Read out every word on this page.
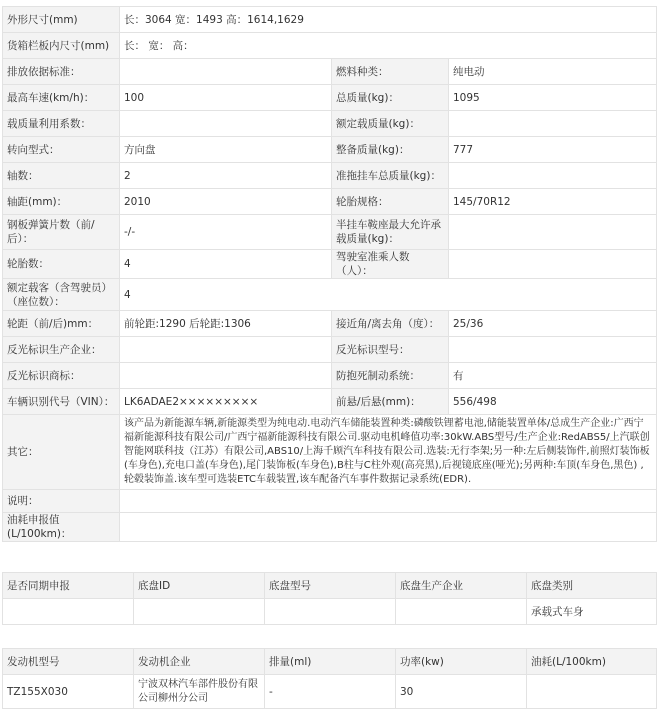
外形尺寸(mm)	长：3064 宽：1493 高：1614,1629		
货箱栏板内尺寸(mm)	长： 宽： 高：		
排放依据标准：		燃料种类：	纯电动
最高车速(km/h)：	100	总质量(kg)：	1095
载质量利用系数：		额定载质量(kg)：	
转向型式：	方向盘	整备质量(kg)：	777
轴数：	2	准拖挂车总质量(kg)：	
轴距(mm)：	2010	轮胎规格：	145/70R12
钢板弹簧片数（前/后）：	-/-	半挂车鞍座最大允许承载质量(kg)：	
轮胎数：	4	驾驶室准乘人数（人）：	
额定载客（含驾驶员）（座位数）：	4		
轮距（前/后)mm：	前轮距:1290 后轮距:1306	接近角/离去角（度）：	25/36
反光标识生产企业：		反光标识型号：	
反光标识商标：		防抱死制动系统：	有
车辆识别代号（VIN）：	LK6ADAE2×××××××××	前悬/后悬(mm)：	556/498
其它：	该产品为新能源车辆,新能源类型为纯电动.电动汽车储能装置种类:磷酸铁锂蓄电池,储能装置单体/总成生产企业:广西宁福新能源科技有限公司/广西宁福新能源科技有限公司.驱动电机峰值功率:30kW.ABS型号/生产企业:RedABS5/上汽联创智能网联科技（江苏）有限公司,ABS10/上海千顾汽车科技有限公司.选装:无行李架;另一种:左后侧装饰件,前照灯装饰板(车身色),充电口盖(车身色),尾门装饰板(车身色),B柱与C柱外观(高亮黑),后视镜底座(哑光);另两种:车顶(车身色,黑色) ,轮毂装饰盖.该车型可选装ETC车载装置,该车配备汽车事件数据记录系统(EDR).		
说明：			
油耗申报值(L/100km)：			
是否同期申报	底盘ID	底盘型号	底盘生产企业	底盘类别
				承载式车身
发动机型号	发动机企业	排量(ml)	功率(kw)	油耗(L/100km)
TZ155X030	宁波双林汽车部件股份有限公司柳州分公司	-	30	
